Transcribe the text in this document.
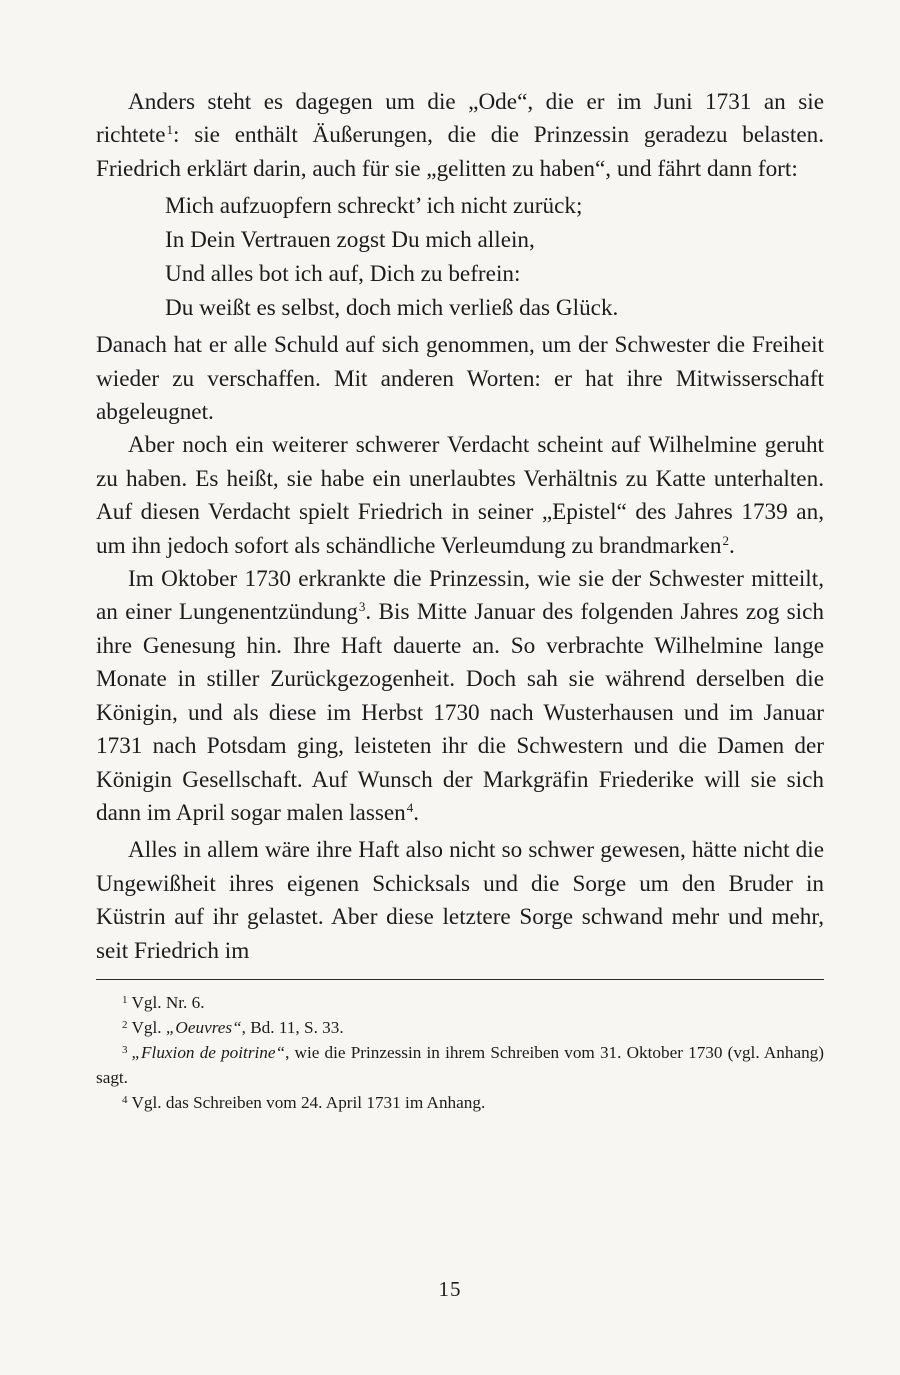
Anders steht es dagegen um die „Ode“, die er im Juni 1731 an sie richtete$^1$: sie enthält Äußerungen, die die Prinzessin geradezu belasten. Friedrich erklärt darin, auch für sie „gelitten zu haben“, und fährt dann fort:

Mich aufzuopfern schreckt’ ich nicht zurück;
In Dein Vertrauen zogst Du mich allein,
Und alles bot ich auf, Dich zu befrein:
Du weißt es selbst, doch mich verließ das Glück.

Danach hat er alle Schuld auf sich genommen, um der Schwester die Freiheit wieder zu verschaffen. Mit anderen Worten: er hat ihre Mitwisserschaft abgeleugnet.

Aber noch ein weiterer schwerer Verdacht scheint auf Wilhelmine geruht zu haben. Es heißt, sie habe ein unerlaubtes Verhältnis zu Katte unterhalten. Auf diesen Verdacht spielt Friedrich in seiner „Epistel“ des Jahres 1739 an, um ihn jedoch sofort als schändliche Verleumdung zu brandmarken$^2$.

Im Oktober 1730 erkrankte die Prinzessin, wie sie der Schwester mitteilt, an einer Lungenentzündung$^3$. Bis Mitte Januar des folgenden Jahres zog sich ihre Genesung hin. Ihre Haft dauerte an. So verbrachte Wilhelmine lange Monate in stiller Zurückgezogenheit. Doch sah sie während derselben die Königin, und als diese im Herbst 1730 nach Wusterhausen und im Januar 1731 nach Potsdam ging, leisteten ihr die Schwestern und die Damen der Königin Gesellschaft. Auf Wunsch der Markgräfin Friederike will sie sich dann im April sogar malen lassen$^4$.

Alles in allem wäre ihre Haft also nicht so schwer gewesen, hätte nicht die Ungewißheit ihres eigenen Schicksals und die Sorge um den Bruder in Küstrin auf ihr gelastet. Aber diese letztere Sorge schwand mehr und mehr, seit Friedrich im

$^1$ Vgl. Nr. 6.

$^2$ Vgl. „Oeuvres“, Bd. 11, S. 33.

$^3$ „Fluxion de poitrine“, wie die Prinzessin in ihrem Schreiben vom 31. Oktober 1730 (vgl. Anhang) sagt.

$^4$ Vgl. das Schreiben vom 24. April 1731 im Anhang.

15
